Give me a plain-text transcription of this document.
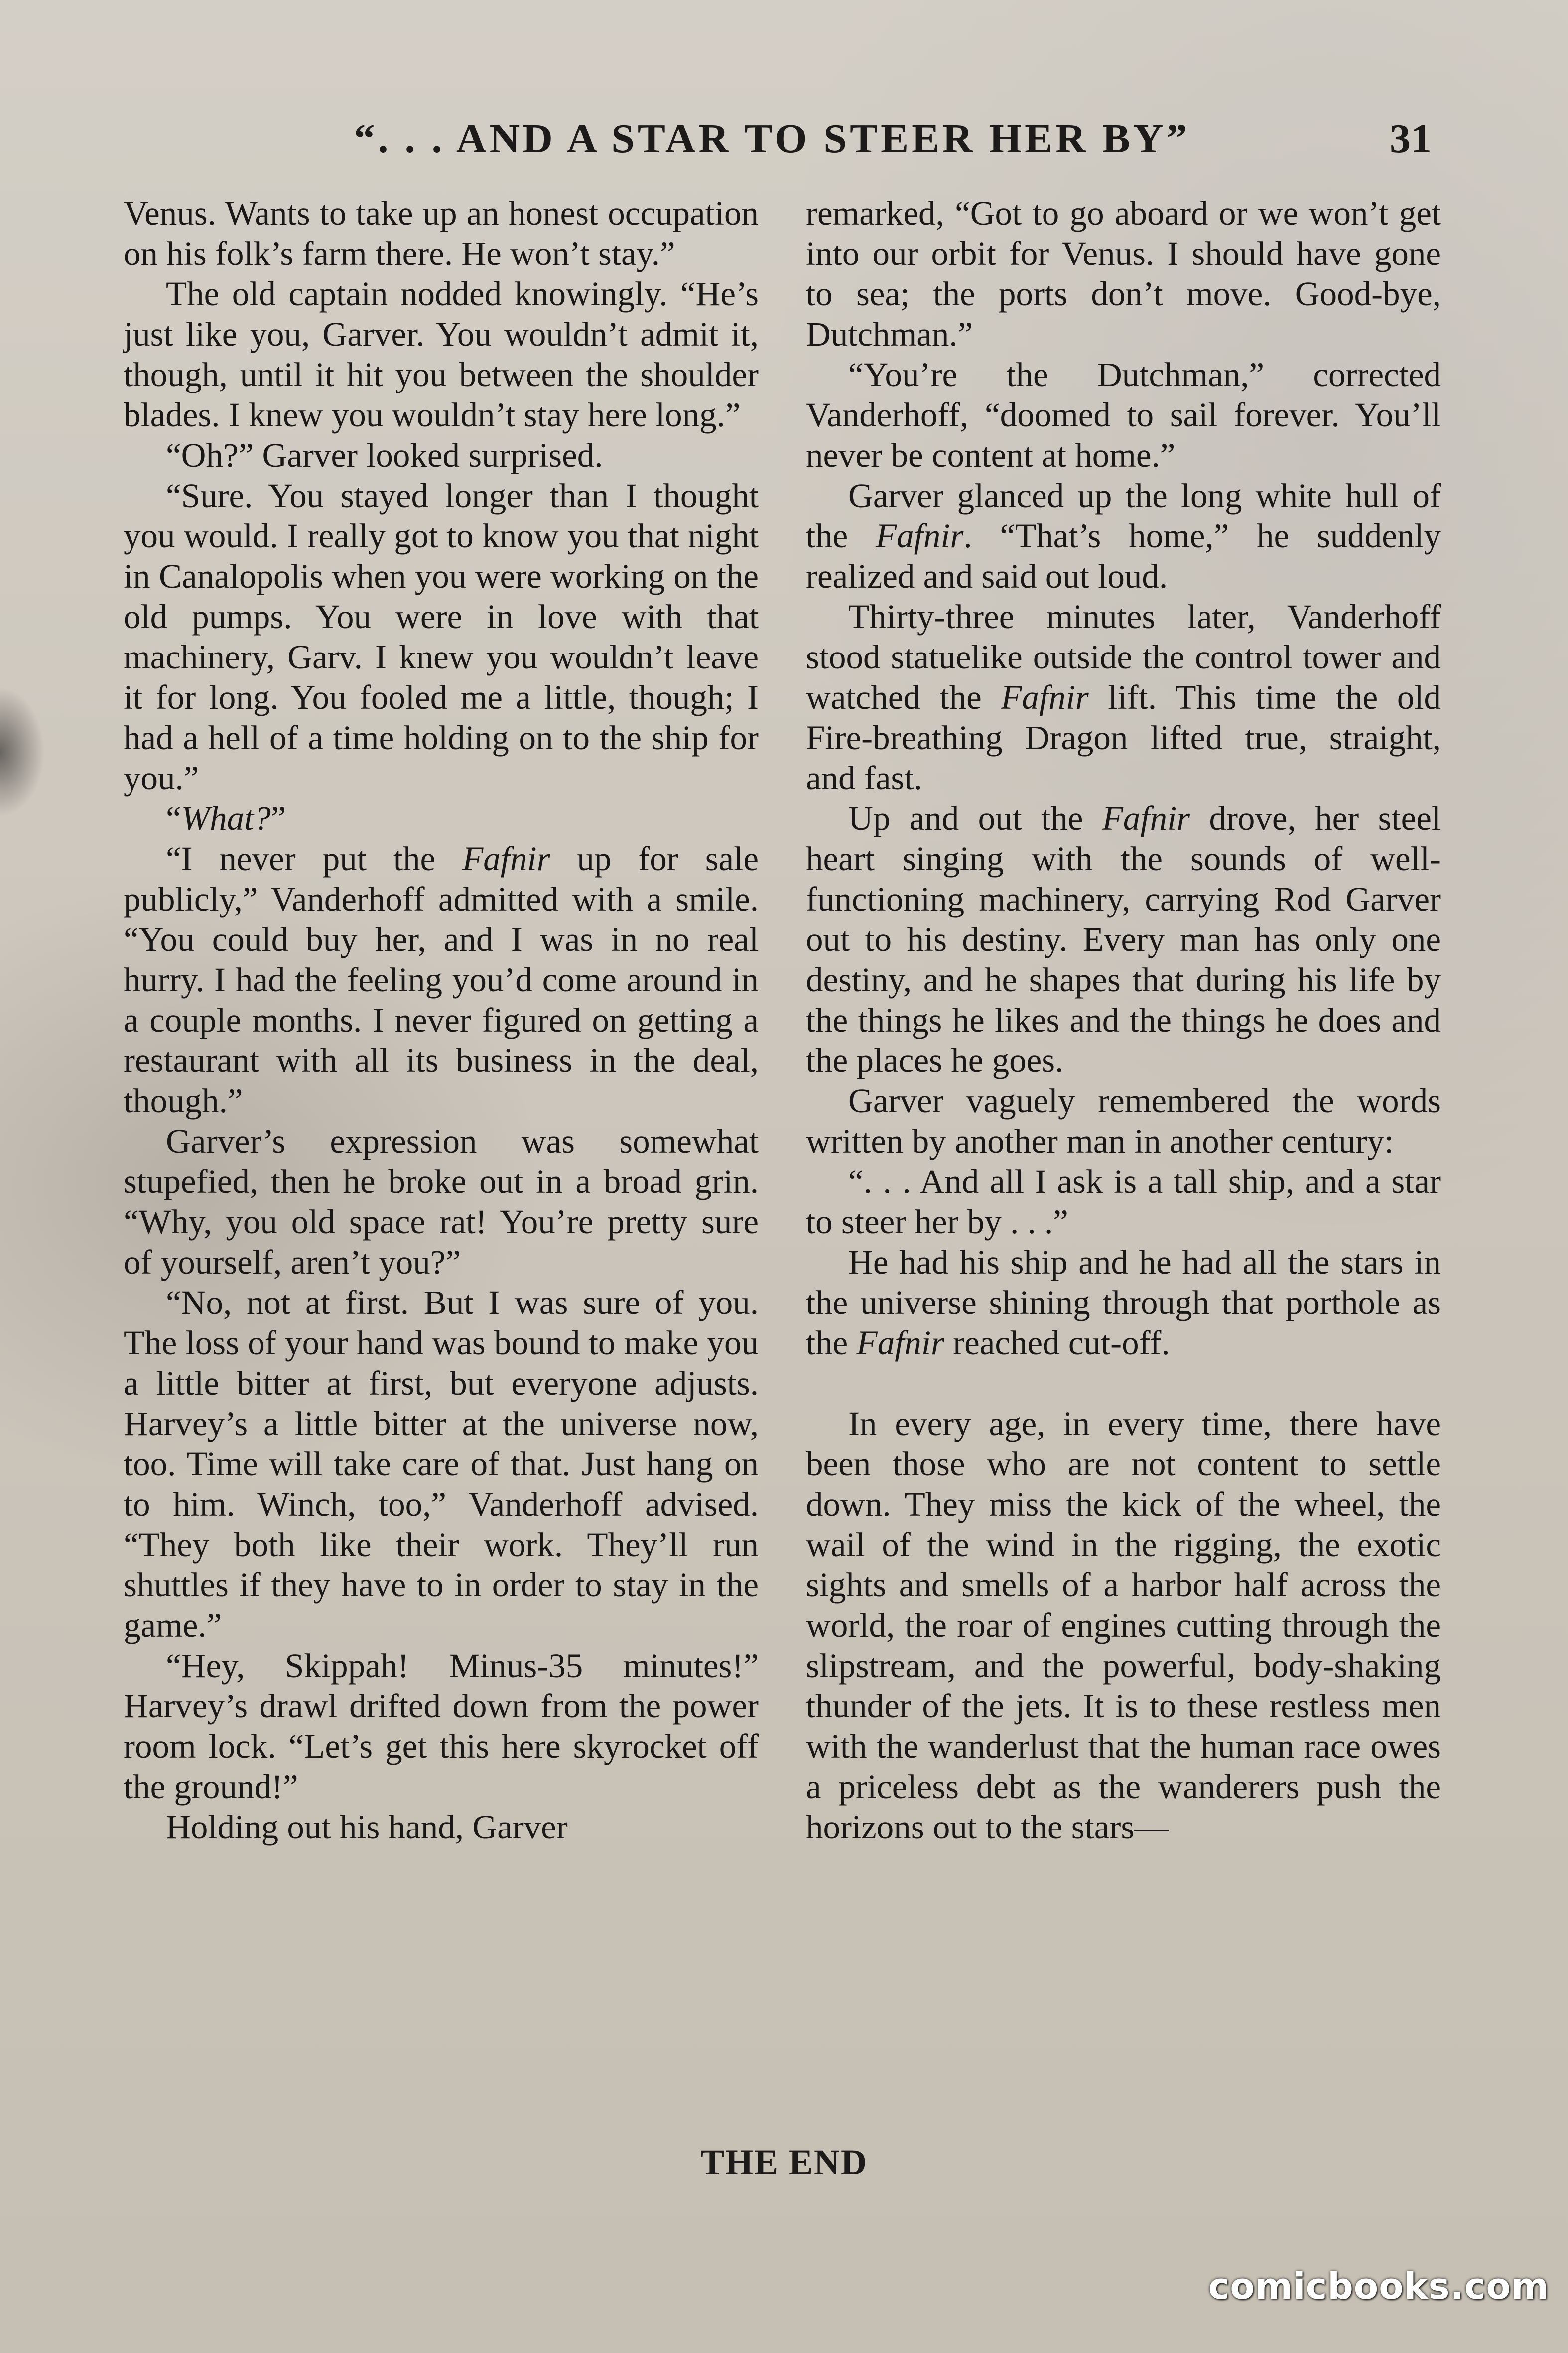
“. . . AND A STAR TO STEER HER BY”	31

Venus. Wants to take up an honest occupation on his folk’s farm there. He won’t stay.”

The old captain nodded knowingly. “He’s just like you, Garver. You wouldn’t admit it, though, until it hit you between the shoulder blades. I knew you wouldn’t stay here long.”

“Oh?” Garver looked surprised.

“Sure. You stayed longer than I thought you would. I really got to know you that night in Canalopolis when you were working on the old pumps. You were in love with that machinery, Garv. I knew you wouldn’t leave it for long. You fooled me a little, though; I had a hell of a time holding on to the ship for you.”

“What?”

“I never put the Fafnir up for sale publicly,” Vanderhoff admitted with a smile. “You could buy her, and I was in no real hurry. I had the feeling you’d come around in a couple months. I never figured on getting a restaurant with all its business in the deal, though.”

Garver’s expression was somewhat stupefied, then he broke out in a broad grin. “Why, you old space rat! You’re pretty sure of yourself, aren’t you?”

“No, not at first. But I was sure of you. The loss of your hand was bound to make you a little bitter at first, but everyone adjusts. Harvey’s a little bitter at the universe now, too. Time will take care of that. Just hang on to him. Winch, too,” Vanderhoff advised. “They both like their work. They’ll run shuttles if they have to in order to stay in the game.”

“Hey, Skippah! Minus-35 minutes!” Harvey’s drawl drifted down from the power room lock. “Let’s get this here skyrocket off the ground!”

Holding out his hand, Garver

remarked, “Got to go aboard or we won’t get into our orbit for Venus. I should have gone to sea; the ports don’t move. Good-bye, Dutchman.”

“You’re the Dutchman,” corrected Vanderhoff, “doomed to sail forever. You’ll never be content at home.”

Garver glanced up the long white hull of the Fafnir. “That’s home,” he suddenly realized and said out loud.

Thirty-three minutes later, Vanderhoff stood statuelike outside the control tower and watched the Fafnir lift. This time the old Fire-breathing Dragon lifted true, straight, and fast.

Up and out the Fafnir drove, her steel heart singing with the sounds of well-functioning machinery, carrying Rod Garver out to his destiny. Every man has only one destiny, and he shapes that during his life by the things he likes and the things he does and the places he goes.

Garver vaguely remembered the words written by another man in another century:

“. . . And all I ask is a tall ship, and a star to steer her by . . .”

He had his ship and he had all the stars in the universe shining through that porthole as the Fafnir reached cut-off.

In every age, in every time, there have been those who are not content to settle down. They miss the kick of the wheel, the wail of the wind in the rigging, the exotic sights and smells of a harbor half across the world, the roar of engines cutting through the slipstream, and the powerful, body-shaking thunder of the jets. It is to these restless men with the wanderlust that the human race owes a priceless debt as the wanderers push the horizons out to the stars—

THE END
comicbooks.com
